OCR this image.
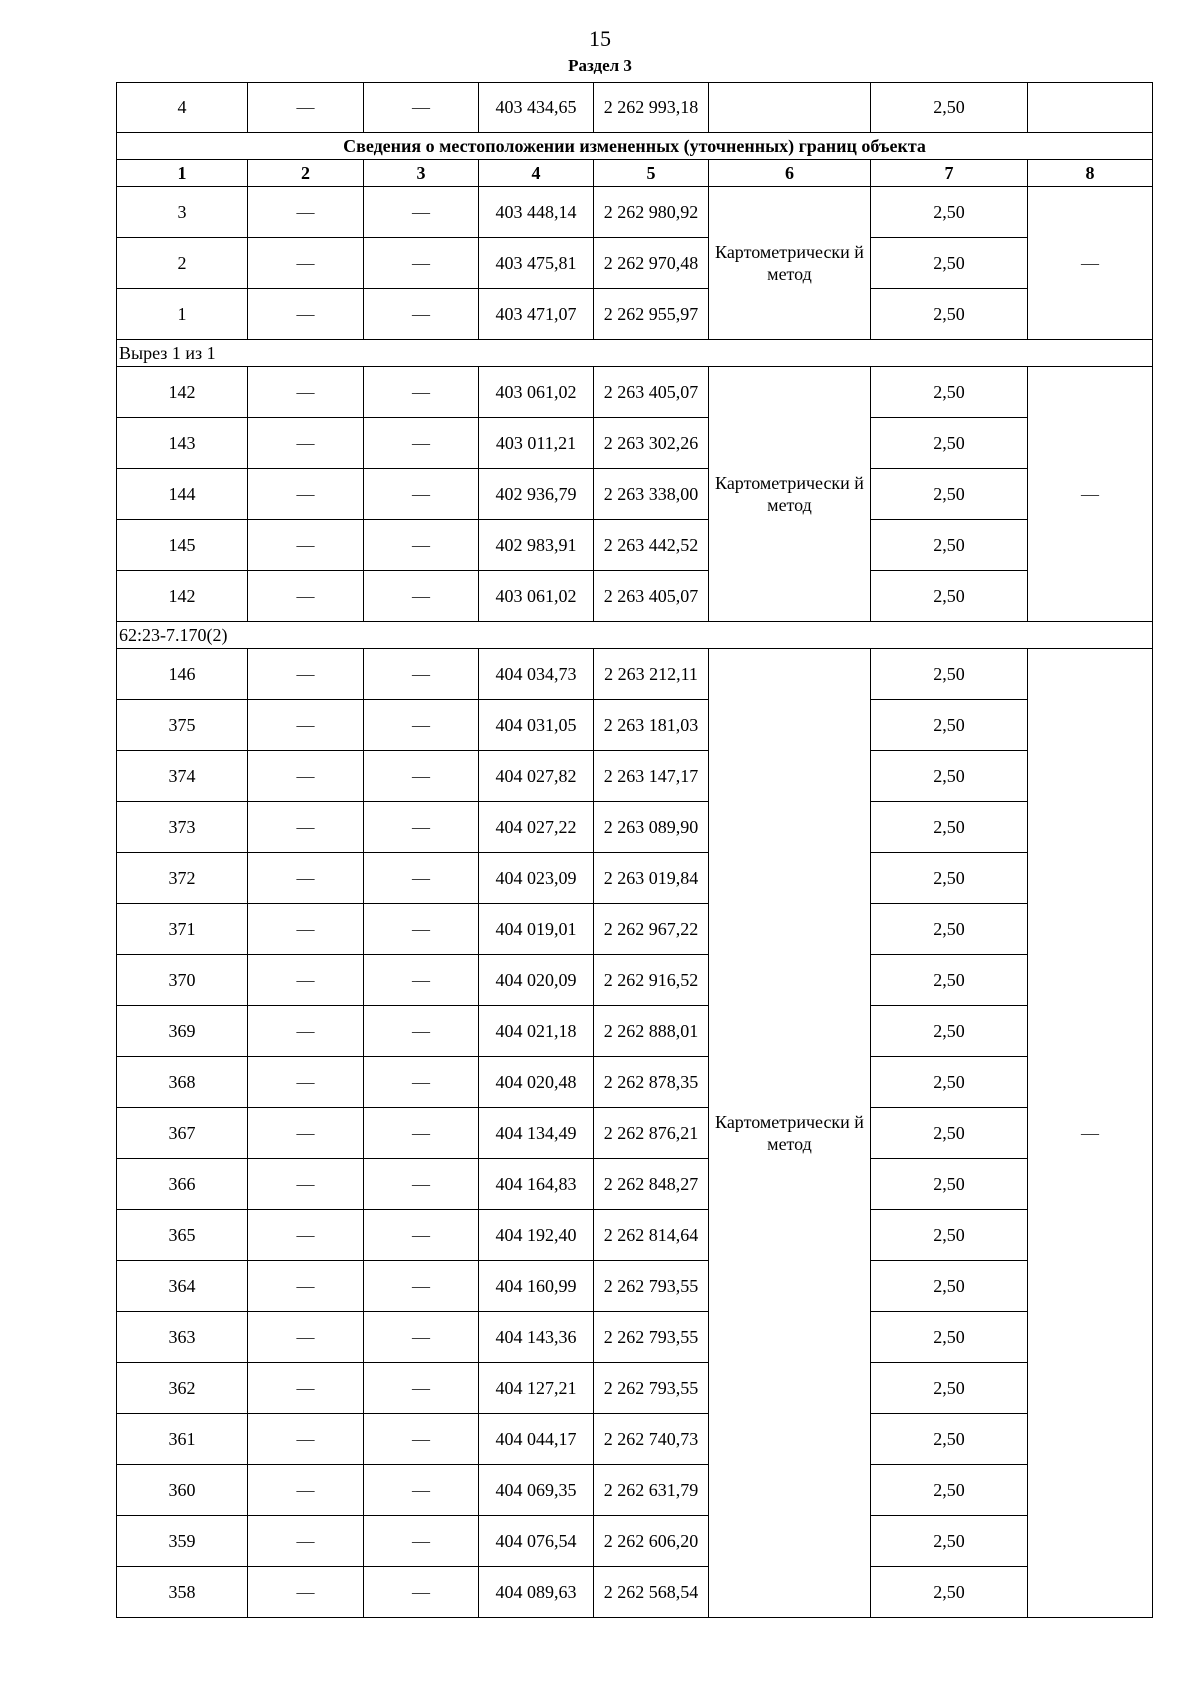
15
Раздел 3
4	—	—	403 434,65	2 262 993,18		2,50	
Сведения о местоположении измененных (уточненных) границ объекта							
1	2	3	4	5	6	7	8
3	—	—	403 448,14	2 262 980,92	Картометрически й метод	2,50	—
2	—	—	403 475,81	2 262 970,48		2,50	
1	—	—	403 471,07	2 262 955,97		2,50	
Вырез 1 из 1							
142	—	—	403 061,02	2 263 405,07	Картометрически й метод	2,50	—
143	—	—	403 011,21	2 263 302,26		2,50	
144	—	—	402 936,79	2 263 338,00		2,50	
145	—	—	402 983,91	2 263 442,52		2,50	
142	—	—	403 061,02	2 263 405,07		2,50	
62:23-7.170(2)							
146	—	—	404 034,73	2 263 212,11	Картометрически й метод	2,50	—
375	—	—	404 031,05	2 263 181,03		2,50	
374	—	—	404 027,82	2 263 147,17		2,50	
373	—	—	404 027,22	2 263 089,90		2,50	
372	—	—	404 023,09	2 263 019,84		2,50	
371	—	—	404 019,01	2 262 967,22		2,50	
370	—	—	404 020,09	2 262 916,52		2,50	
369	—	—	404 021,18	2 262 888,01		2,50	
368	—	—	404 020,48	2 262 878,35		2,50	
367	—	—	404 134,49	2 262 876,21		2,50	
366	—	—	404 164,83	2 262 848,27		2,50	
365	—	—	404 192,40	2 262 814,64		2,50	
364	—	—	404 160,99	2 262 793,55		2,50	
363	—	—	404 143,36	2 262 793,55		2,50	
362	—	—	404 127,21	2 262 793,55		2,50	
361	—	—	404 044,17	2 262 740,73		2,50	
360	—	—	404 069,35	2 262 631,79		2,50	
359	—	—	404 076,54	2 262 606,20		2,50	
358	—	—	404 089,63	2 262 568,54		2,50	
